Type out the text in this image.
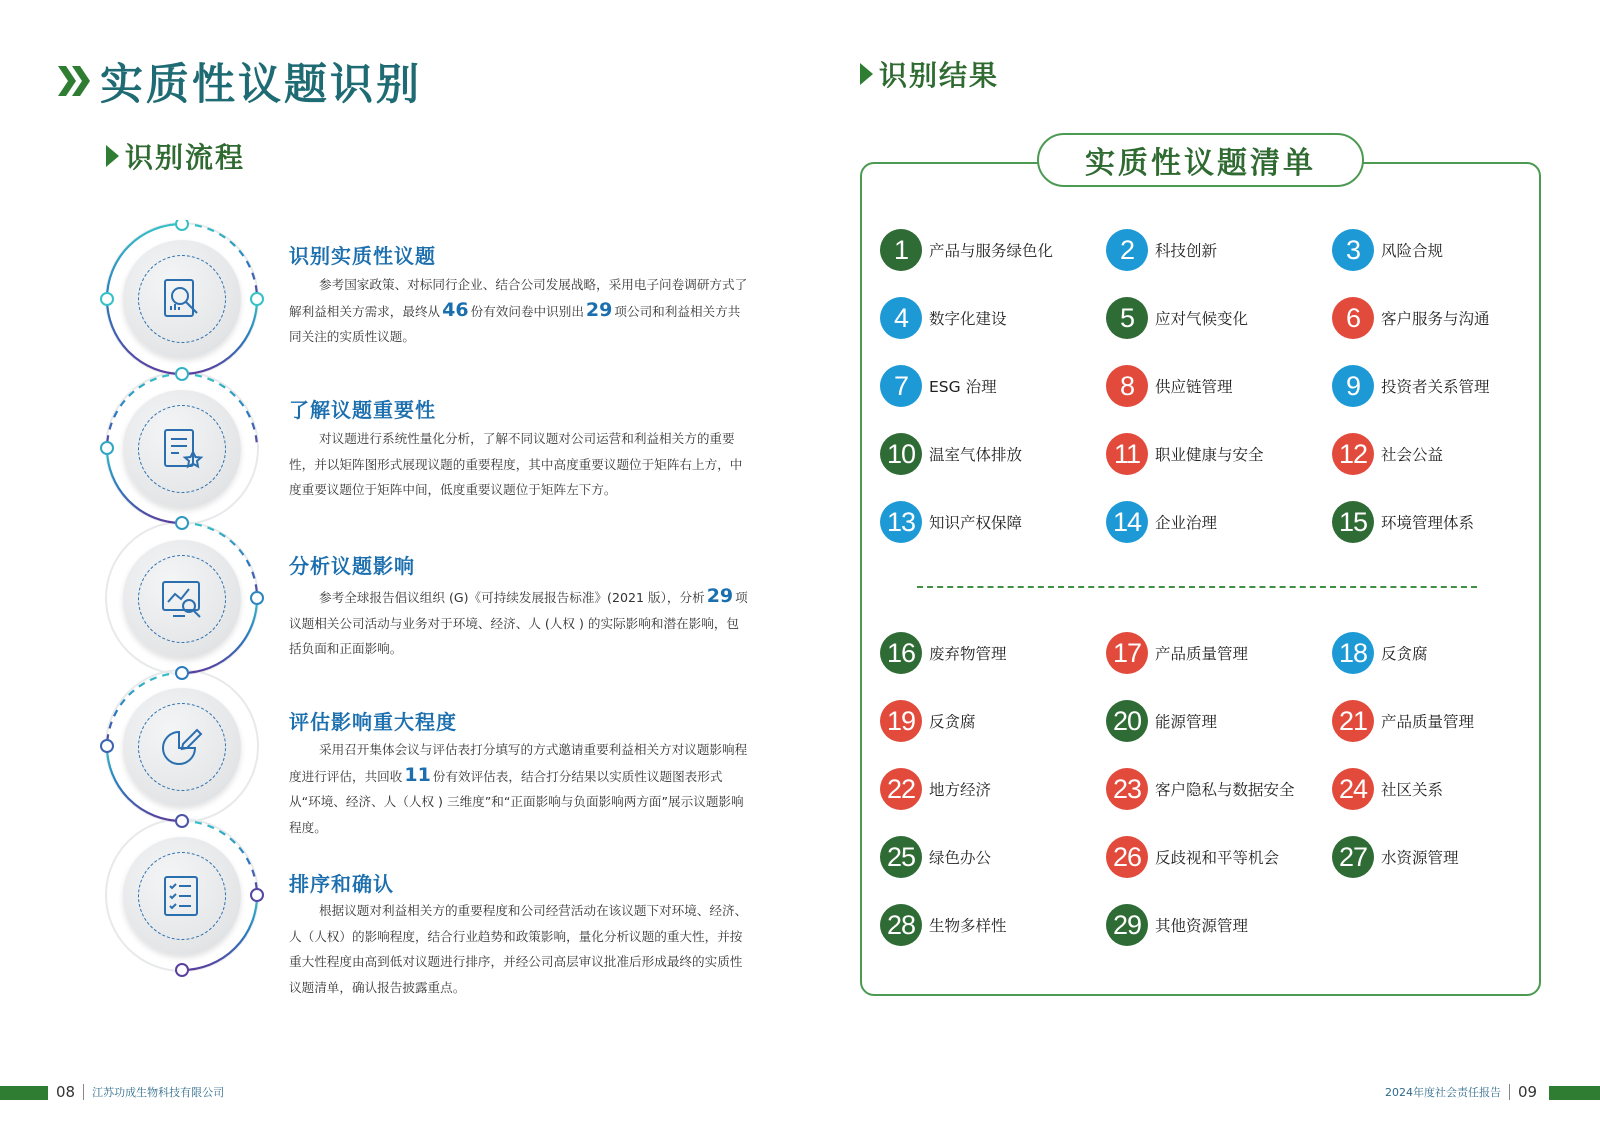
实质性议题识别
识别流程
识别实质性议题
参考国家政策、对标同行企业、结合公司发展战略，采用电子问卷调研方式了解利益相关方需求，最终从 46 份有效问卷中识别出 29 项公司和利益相关方共同关注的实质性议题。
了解议题重要性
对议题进行系统性量化分析，了解不同议题对公司运营和利益相关方的重要性，并以矩阵图形式展现议题的重要程度，其中高度重要议题位于矩阵右上方，中度重要议题位于矩阵中间，低度重要议题位于矩阵左下方。
分析议题影响
参考全球报告倡议组织 (G)《可持续发展报告标准》(2021 版），分析 29 项议题相关公司活动与业务对于环境、经济、人 (人权 ) 的实际影响和潜在影响，包括负面和正面影响。
评估影响重大程度
采用召开集体会议与评估表打分填写的方式邀请重要利益相关方对议题影响程度进行评估，共回收 11 份有效评估表，结合打分结果以实质性议题图表形式从“环境、经济、人（人权 ) 三维度”和“正面影响与负面影响两方面”展示议题影响程度。
排序和确认
根据议题对利益相关方的重要程度和公司经营活动在该议题下对环境、经济、人（人权）的影响程度，结合行业趋势和政策影响，量化分析议题的重大性，并按重大性程度由高到低对议题进行排序，并经公司高层审议批准后形成最终的实质性议题清单，确认报告披露重点。
识别结果
实质性议题清单
1	产品与服务绿色化	2	科技创新	3	风险合规
4	数字化建设	5	应对气候变化	6	客户服务与沟通
7	ESG 治理	8	供应链管理	9	投资者关系管理
10 温室气体排放	11 职业健康与安全	12 社会公益
13 知识产权保障	14 企业治理	15 环境管理体系
16 废弃物管理	17 产品质量管理	18 反贪腐
19 反贪腐	20 能源管理	21 产品质量管理
22 地方经济	23 客户隐私与数据安全 24 社区关系
25 绿色办公	26 反歧视和平等机会 27 水资源管理
28 生物多样性	29 其他资源管理
08 江苏功成生物科技有限公司	2024年度社会责任报告 09
